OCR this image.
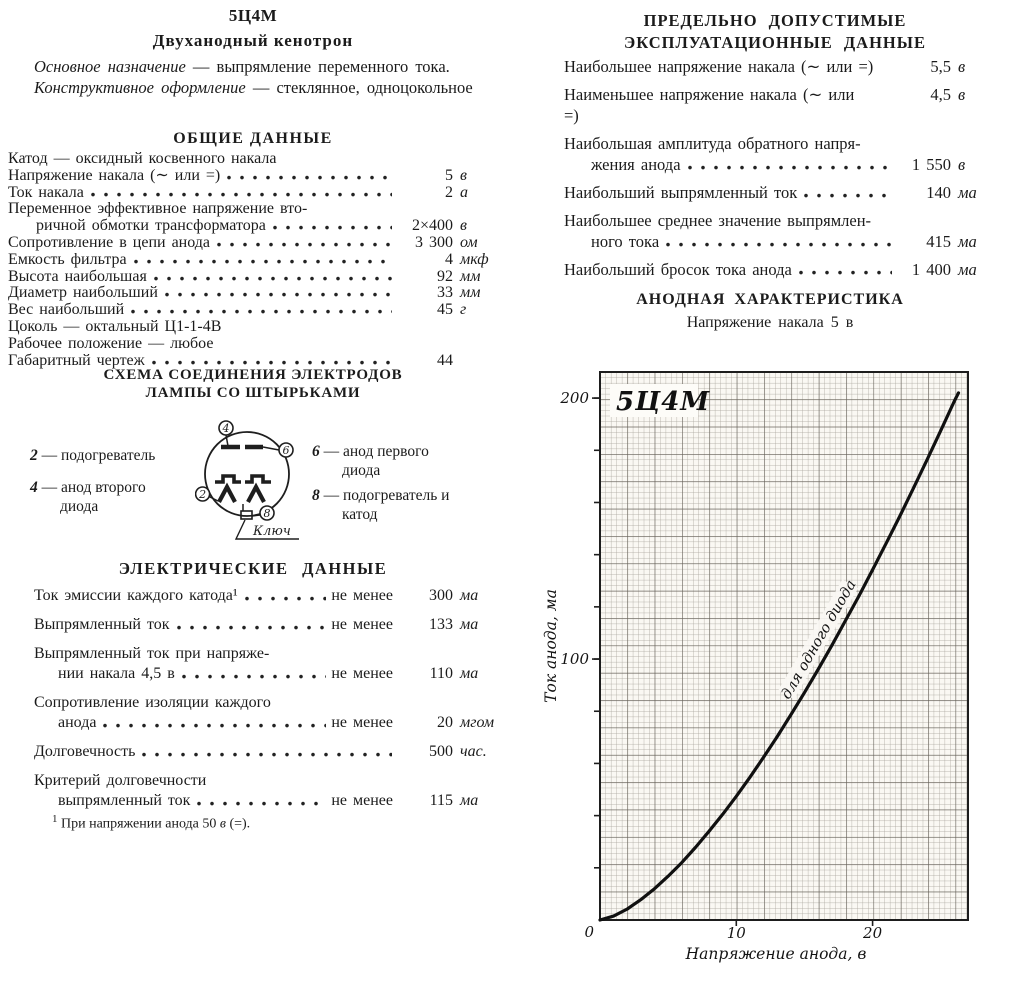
5Ц4М
Двуханодный кенотрон

Основное назначение — выпрямление переменного тока.

Конструктивное оформление — стеклянное, одноцокольное

ОБЩИЕ ДАННЫЕ
Катод — оксидный косвенного накала
Напряжение накала (∼ или =)	5 в
Ток накала	2 а
Переменное эффективное напряжение вто-
ричной обмотки трансформатора	2×400 в
Сопротивление в цепи анода	3 300 ом
Емкость фильтра	4 мкф
Высота наибольшая	92 мм
Диаметр наибольший	33 мм
Вес наибольший	45 г
Цоколь — октальный Ц1-1-4В
Рабочее положение — любое
Габаритный чертеж	44
СХЕМА СОЕДИНЕНИЯ ЭЛЕКТРОДОВ
ЛАМПЫ СО ШТЫРЬКАМИ
4
6
2
8
Ключ
2 — подогреватель
4 — анод второго
диода
6 — анод первого
диода
8 — подогреватель и
катод
ЭЛЕКТРИЧЕСКИЕ ДАННЫЕ
Ток эмиссии каждого катода¹	не менее	300 ма
Выпрямленный ток	не менее	133 ма
Выпрямленный ток при напряже-
нии накала 4,5 в	не менее	110 ма
Сопротивление изоляции каждого
анода	не менее	20 мгом
Долговечность	500 час.
Критерий долговечности
выпрямленный ток	не менее	115 ма
$^1$ При напряжении анода 50 в (=).
ПРЕДЕЛЬНО ДОПУСТИМЫЕ
ЭКСПЛУАТАЦИОННЫЕ ДАННЫЕ
Наибольшее напряжение накала (∼ или =)	5,5 в
Наименьшее напряжение накала (∼ или =)
4,5 в
Наибольшая амплитуда обратного напря-
жения анода	1 550 в
Наибольший выпрямленный ток	140 ма
Наибольшее среднее значение выпрямлен-
ного тока	415 ма
Наибольший бросок тока анода	1 400 ма
АНОДНАЯ ХАРАКТЕРИСТИКА
Напряжение накала 5 в
5Ц4М
для одного диода
100
200
0	10	20
Напряжение анода, в
Ток анода, ма
